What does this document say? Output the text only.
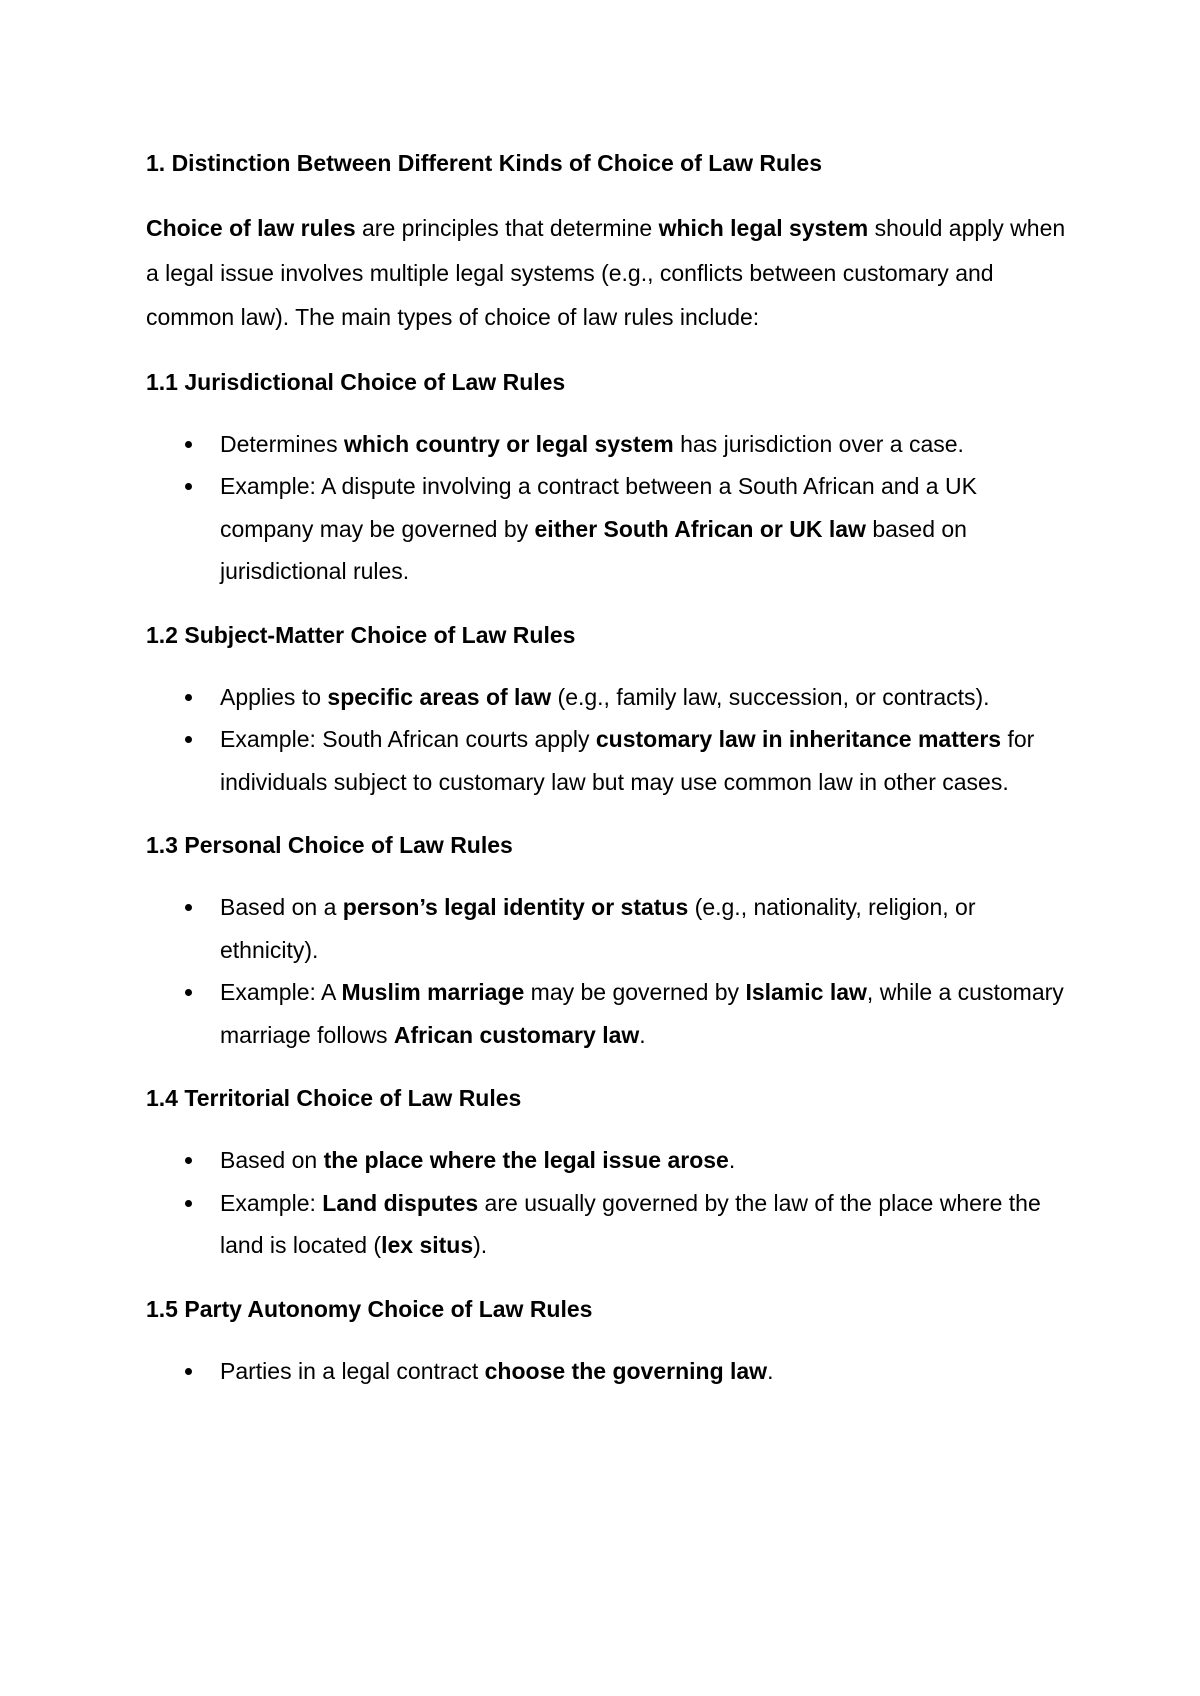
1. Distinction Between Different Kinds of Choice of Law Rules

Choice of law rules are principles that determine which legal system should apply when a legal issue involves multiple legal systems (e.g., conflicts between customary and common law). The main types of choice of law rules include:

1.1 Jurisdictional Choice of Law Rules
Determines which country or legal system has jurisdiction over a case.
Example: A dispute involving a contract between a South African and a UK company may be governed by either South African or UK law based on jurisdictional rules.
1.2 Subject-Matter Choice of Law Rules
Applies to specific areas of law (e.g., family law, succession, or contracts).
Example: South African courts apply customary law in inheritance matters for individuals subject to customary law but may use common law in other cases.
1.3 Personal Choice of Law Rules
Based on a person’s legal identity or status (e.g., nationality, religion, or ethnicity).
Example: A Muslim marriage may be governed by Islamic law, while a customary marriage follows African customary law.
1.4 Territorial Choice of Law Rules
Based on the place where the legal issue arose.
Example: Land disputes are usually governed by the law of the place where the land is located (lex situs).
1.5 Party Autonomy Choice of Law Rules
Parties in a legal contract choose the governing law.
